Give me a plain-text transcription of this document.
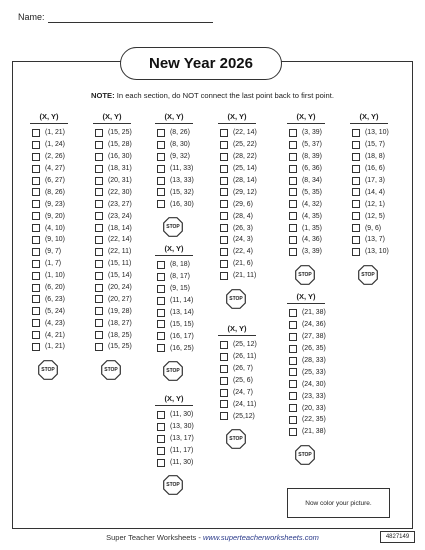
Name:
New Year 2026
NOTE: In each section, do NOT connect the last point back to first point.
(X, Y)
(1, 21)
(1, 24)
(2, 26)
(4, 27)
(6, 27)
(8, 26)
(9, 23)
(9, 20)
(4, 10)
(9, 10)
(9, 7)
(1, 7)
(1, 10)
(6, 20)
(6, 23)
(5, 24)
(4, 23)
(4, 21)
(1, 21)
STOP
(X, Y)
(15, 25)
(15, 28)
(16, 30)
(18, 31)
(20, 31)
(22, 30)
(23, 27)
(23, 24)
(18, 14)
(22, 14)
(22, 11)
(15, 11)
(15, 14)
(20, 24)
(20, 27)
(19, 28)
(18, 27)
(18, 25)
(15, 25)
STOP
(X, Y)
(8, 26)
(8, 30)
(9, 32)
(11, 33)
(13, 33)
(15, 32)
(16, 30)
STOP
(X, Y)
(8, 18)
(8, 17)
(9, 15)
(11, 14)
(13, 14)
(15, 15)
(16, 17)
(16, 25)
STOP
(X, Y)
(11, 30)
(13, 30)
(13, 17)
(11, 17)
(11, 30)
STOP
(X, Y)
(22, 14)
(25, 22)
(28, 22)
(25, 14)
(28, 14)
(29, 12)
(29, 6)
(28, 4)
(26, 3)
(24, 3)
(22, 4)
(21, 6)
(21, 11)
STOP
(X, Y)
(25, 12)
(26, 11)
(26, 7)
(25, 6)
(24, 7)
(24, 11)
(25,12)
STOP
(X, Y)
(3, 39)
(5, 37)
(8, 39)
(6, 36)
(8, 34)
(5, 35)
(4, 32)
(4, 35)
(1, 35)
(4, 36)
(3, 39)
STOP
(X, Y)
(21, 38)
(24, 36)
(27, 38)
(26, 35)
(28, 33)
(25, 33)
(24, 30)
(23, 33)
(20, 33)
(22, 35)
(21, 38)
STOP
(X, Y)
(13, 10)
(15, 7)
(18, 8)
(16, 6)
(17, 3)
(14, 4)
(12, 1)
(12, 5)
(9, 6)
(13, 7)
(13, 10)
STOP
Now color your picture.
Super Teacher Worksheets - www.superteacherworksheets.com	4827149
